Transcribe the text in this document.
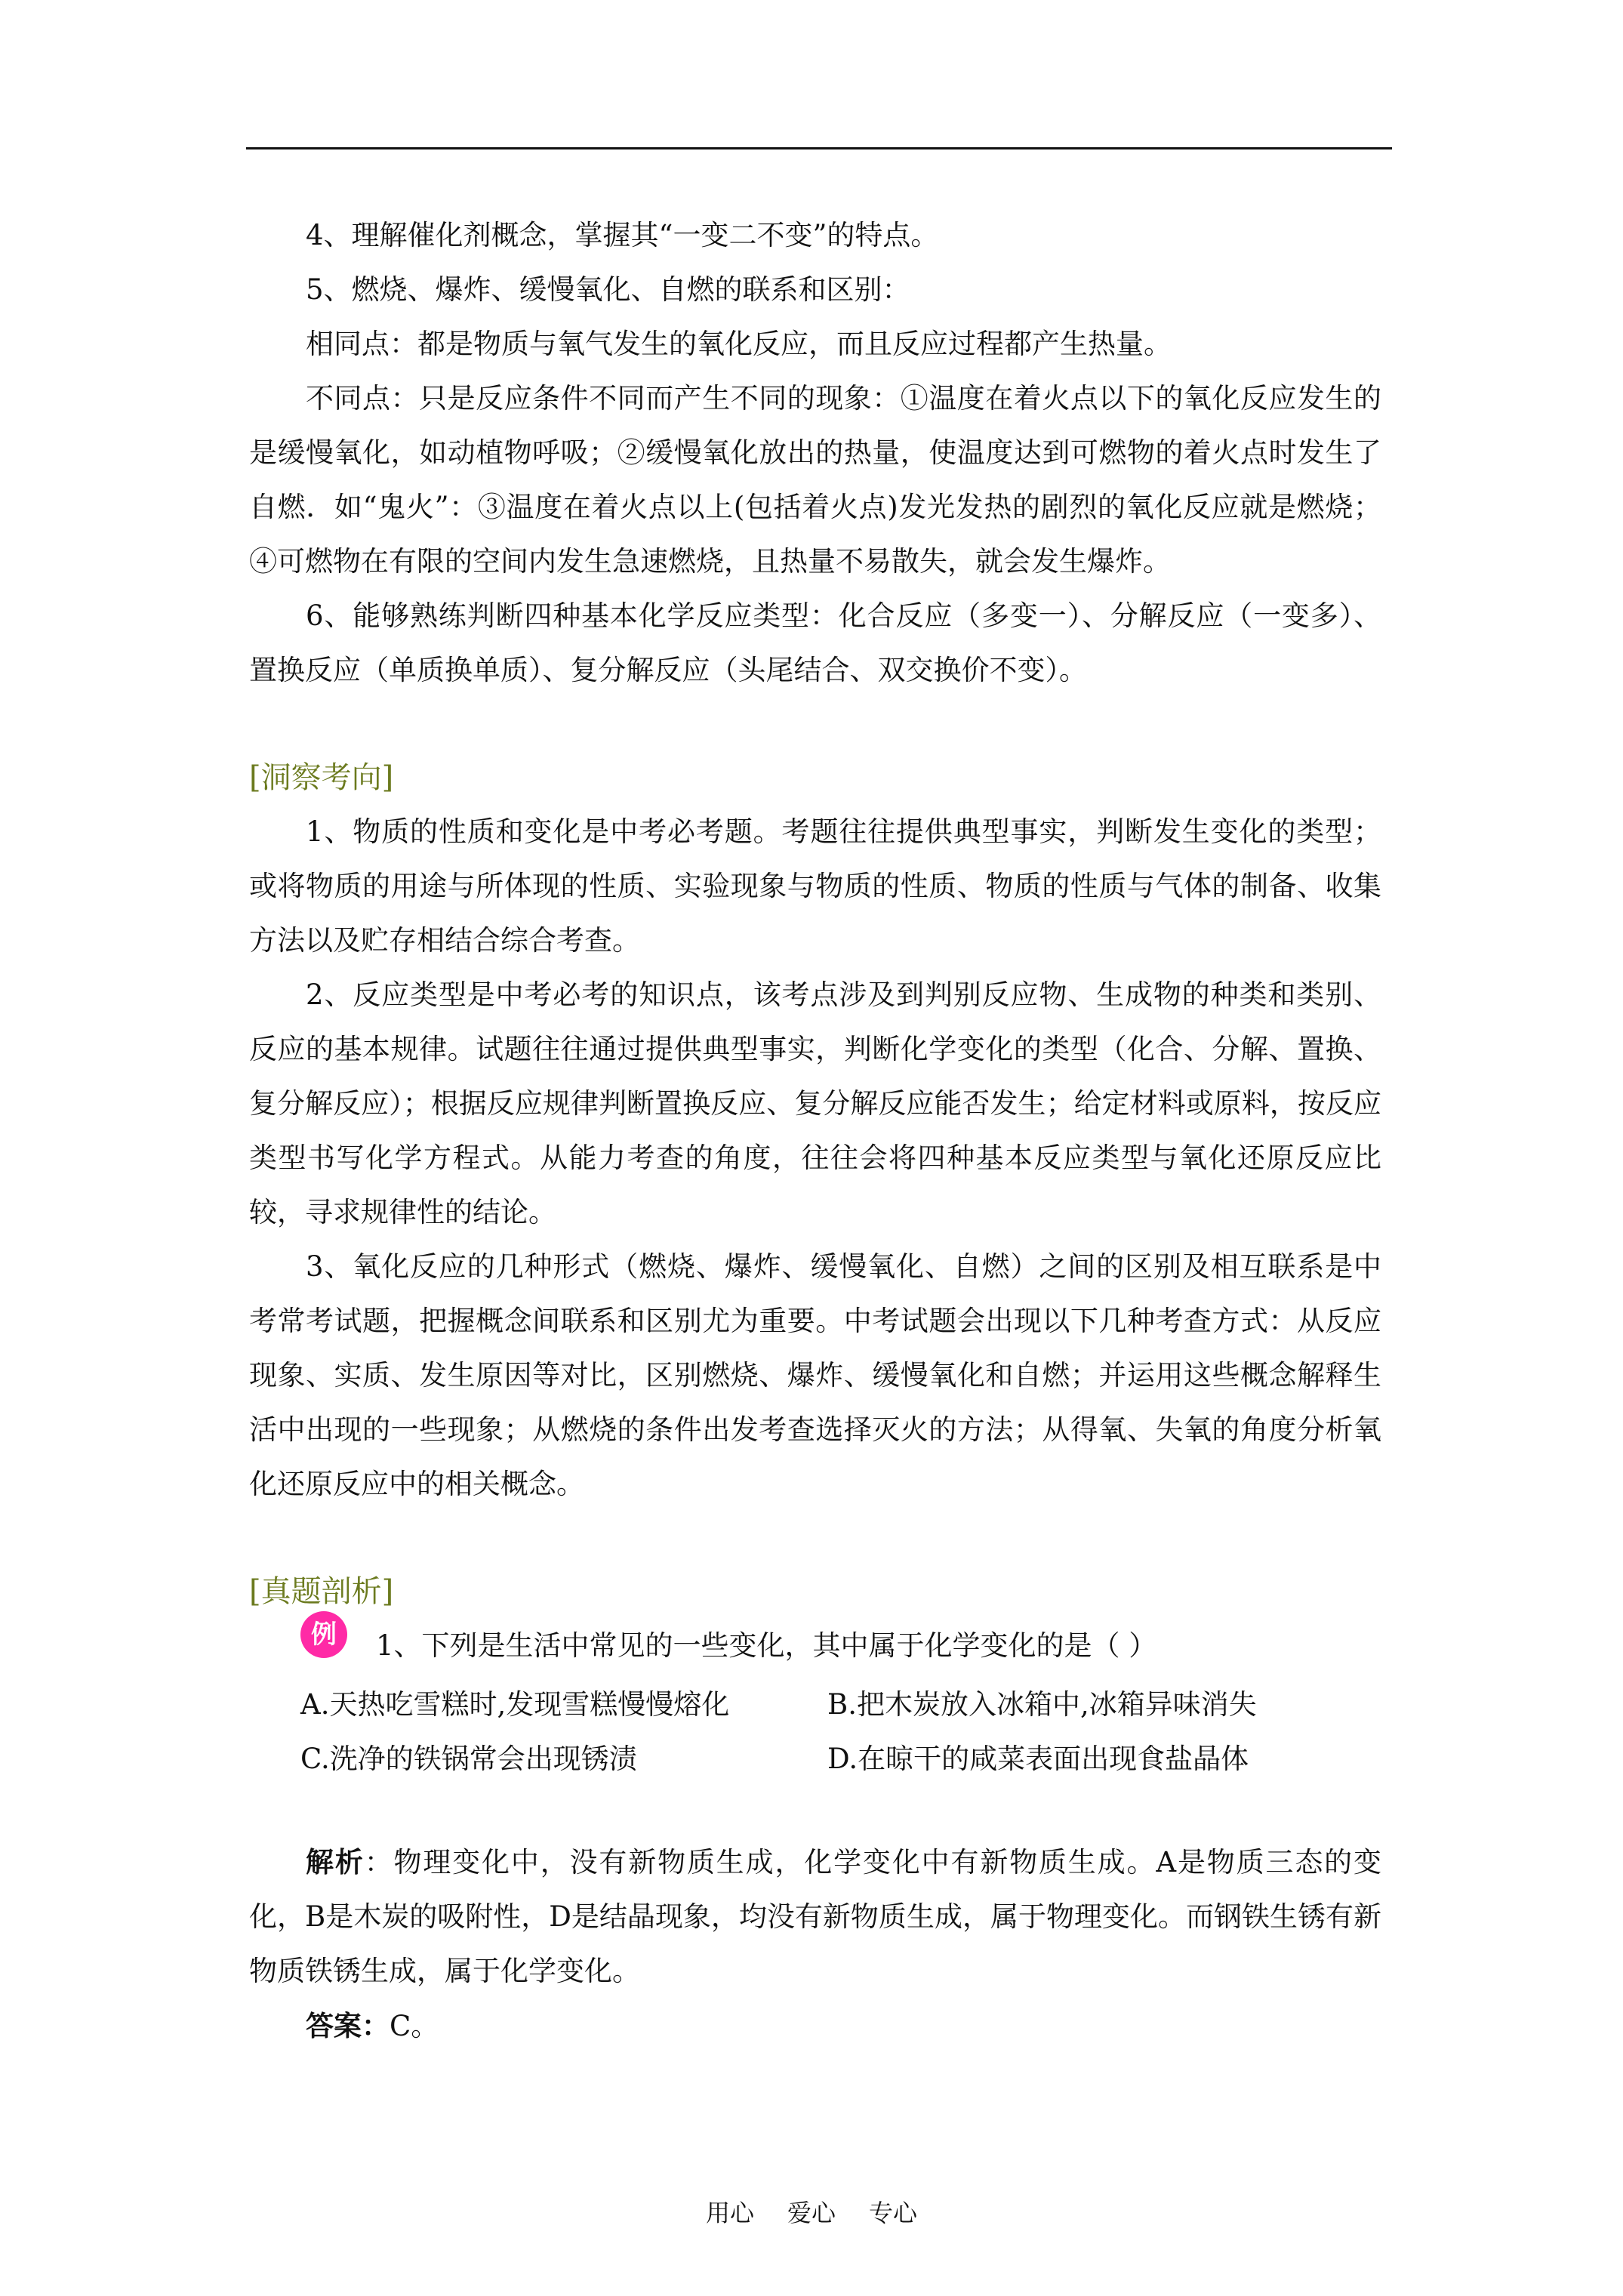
4、理解催化剂概念，掌握其“一变二不变”的特点。

5、燃烧、爆炸、缓慢氧化、自燃的联系和区别：

相同点：都是物质与氧气发生的氧化反应，而且反应过程都产生热量。

不同点：只是反应条件不同而产生不同的现象：①温度在着火点以下的氧化反应发生的是缓慢氧化，如动植物呼吸；②缓慢氧化放出的热量，使温度达到可燃物的着火点时发生了自燃．如“鬼火”：③温度在着火点以上(包括着火点)发光发热的剧烈的氧化反应就是燃烧；④可燃物在有限的空间内发生急速燃烧，且热量不易散失，就会发生爆炸。

6、能够熟练判断四种基本化学反应类型：化合反应（多变一）、分解反应（一变多）、置换反应（单质换单质）、复分解反应（头尾结合、双交换价不变）。

[洞察考向]

1、物质的性质和变化是中考必考题。考题往往提供典型事实，判断发生变化的类型；或将物质的用途与所体现的性质、实验现象与物质的性质、物质的性质与气体的制备、收集方法以及贮存相结合综合考查。

2、反应类型是中考必考的知识点，该考点涉及到判别反应物、生成物的种类和类别、反应的基本规律。试题往往通过提供典型事实，判断化学变化的类型（化合、分解、置换、复分解反应）；根据反应规律判断置换反应、复分解反应能否发生；给定材料或原料，按反应类型书写化学方程式。从能力考查的角度，往往会将四种基本反应类型与氧化还原反应比较，寻求规律性的结论。

3、氧化反应的几种形式（燃烧、爆炸、缓慢氧化、自燃）之间的区别及相互联系是中考常考试题，把握概念间联系和区别尤为重要。中考试题会出现以下几种考查方式：从反应现象、实质、发生原因等对比，区别燃烧、爆炸、缓慢氧化和自燃；并运用这些概念解释生活中出现的一些现象；从燃烧的条件出发考查选择灭火的方法；从得氧、失氧的角度分析氧化还原反应中的相关概念。

[真题剖析]

例	1、下列是生活中常见的一些变化，其中属于化学变化的是（ ）

A.天热吃雪糕时,发现雪糕慢慢熔化	B.把木炭放入冰箱中,冰箱异味消失
C.洗净的铁锅常会出现锈渍	D.在晾干的咸菜表面出现食盐晶体

解析：物理变化中，没有新物质生成，化学变化中有新物质生成。A是物质三态的变化，B是木炭的吸附性，D是结晶现象，均没有新物质生成，属于物理变化。而钢铁生锈有新物质铁锈生成，属于化学变化。

答案：C。

用心 爱心 专心
